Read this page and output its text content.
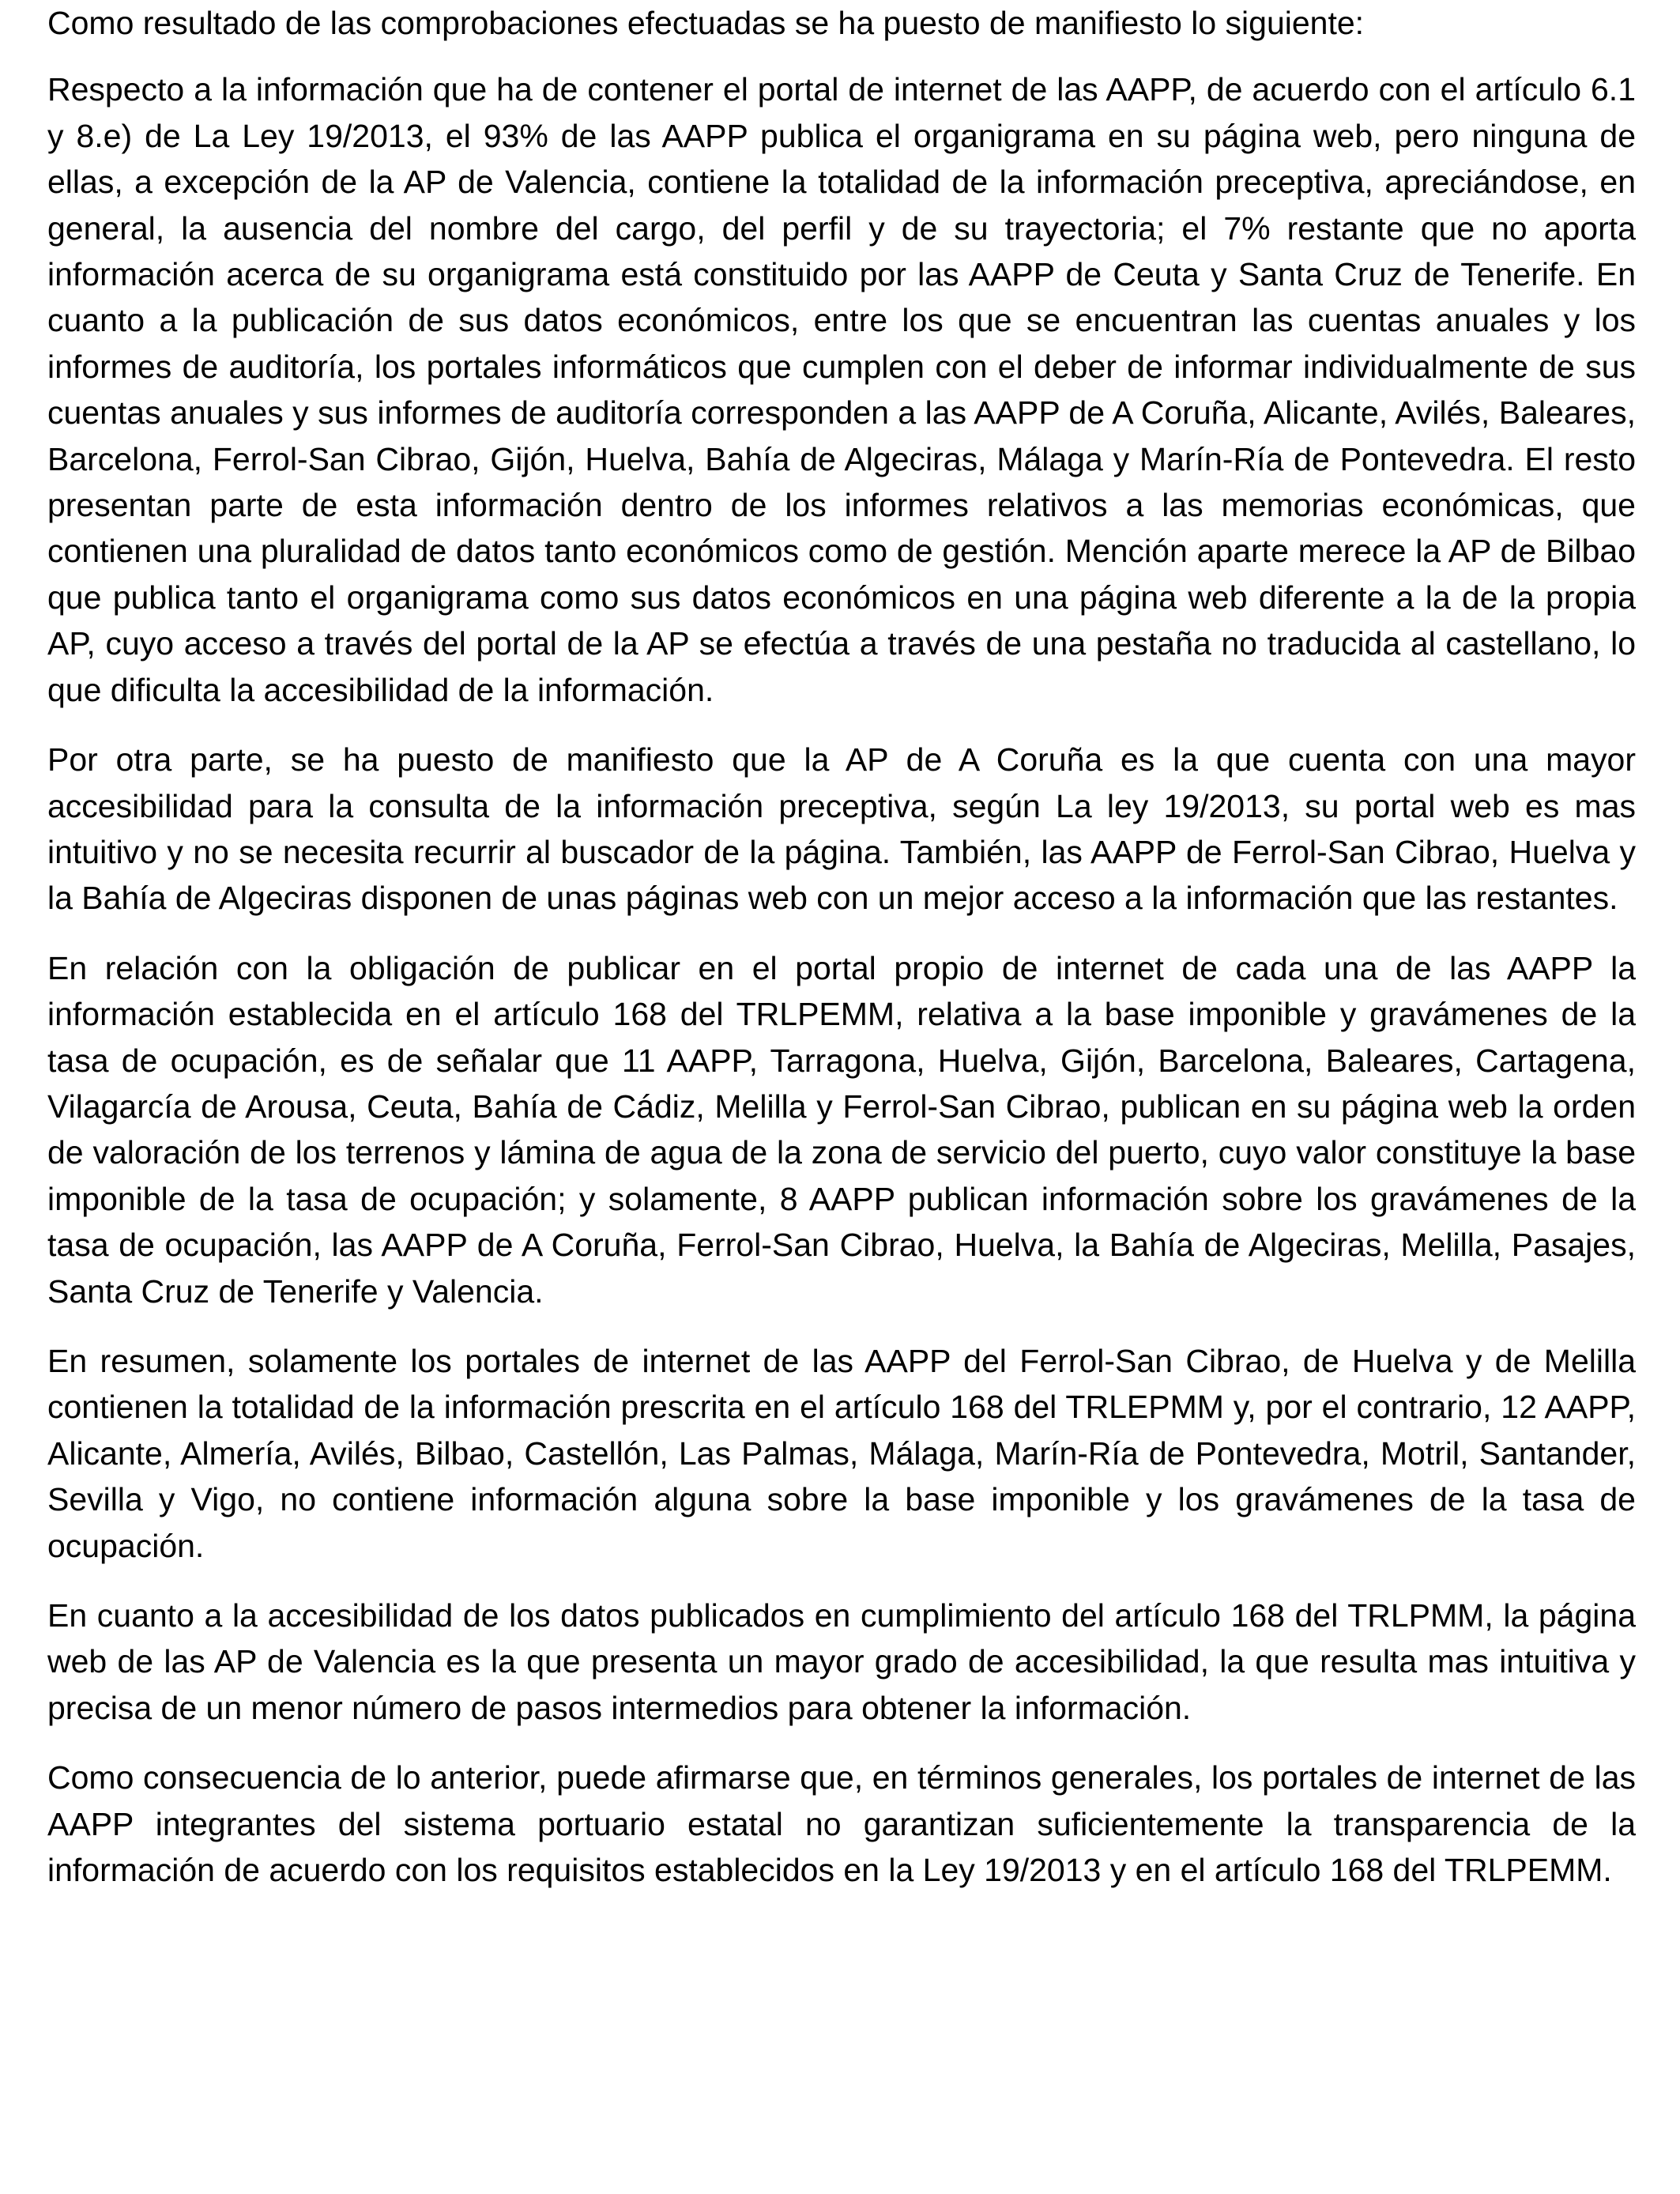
Como resultado de las comprobaciones efectuadas se ha puesto de manifiesto lo siguiente:

Respecto a la información que ha de contener el portal de internet de las AAPP, de acuerdo con el artículo 6.1 y 8.e) de La Ley 19/2013, el 93% de las AAPP publica el organigrama en su página web, pero ninguna de ellas, a excepción de la AP de Valencia, contiene la totalidad de la información preceptiva, apreciándose, en general, la ausencia del nombre del cargo, del perfil y de su trayectoria; el 7% restante que no aporta información acerca de su organigrama está constituido por las AAPP de Ceuta y Santa Cruz de Tenerife. En cuanto a la publicación de sus datos económicos, entre los que se encuentran las cuentas anuales y los informes de auditoría, los portales informáticos que cumplen con el deber de informar individualmente de sus cuentas anuales y sus informes de auditoría corresponden a las AAPP de A Coruña, Alicante, Avilés, Baleares, Barcelona, Ferrol-San Cibrao, Gijón, Huelva, Bahía de Algeciras, Málaga y Marín-Ría de Pontevedra. El resto presentan parte de esta información dentro de los informes relativos a las memorias económicas, que contienen una pluralidad de datos tanto económicos como de gestión. Mención aparte merece la AP de Bilbao que publica tanto el organigrama como sus datos económicos en una página web diferente a la de la propia AP, cuyo acceso a través del portal de la AP se efectúa a través de una pestaña no traducida al castellano, lo que dificulta la accesibilidad de la información.

Por otra parte, se ha puesto de manifiesto que la AP de A Coruña es la que cuenta con una mayor accesibilidad para la consulta de la información preceptiva, según La ley 19/2013, su portal web es mas intuitivo y no se necesita recurrir al buscador de la página. También, las AAPP de Ferrol-San Cibrao, Huelva y la Bahía de Algeciras disponen de unas páginas web con un mejor acceso a la información que las restantes.

En relación con la obligación de publicar en el portal propio de internet de cada una de las AAPP la información establecida en el artículo 168 del TRLPEMM, relativa a la base imponible y gravámenes de la tasa de ocupación, es de señalar que 11 AAPP, Tarragona, Huelva, Gijón, Barcelona, Baleares, Cartagena, Vilagarcía de Arousa, Ceuta, Bahía de Cádiz, Melilla y Ferrol-San Cibrao, publican en su página web la orden de valoración de los terrenos y lámina de agua de la zona de servicio del puerto, cuyo valor constituye la base imponible de la tasa de ocupación; y solamente, 8 AAPP publican información sobre los gravámenes de la tasa de ocupación, las AAPP de A Coruña, Ferrol-San Cibrao, Huelva, la Bahía de Algeciras, Melilla, Pasajes, Santa Cruz de Tenerife y Valencia.

En resumen, solamente los portales de internet de las AAPP del Ferrol-San Cibrao, de Huelva y de Melilla contienen la totalidad de la información prescrita en el artículo 168 del TRLEPMM y, por el contrario, 12 AAPP, Alicante, Almería, Avilés, Bilbao, Castellón, Las Palmas, Málaga, Marín-Ría de Pontevedra, Motril, Santander, Sevilla y Vigo, no contiene información alguna sobre la base imponible y los gravámenes de la tasa de ocupación.

En cuanto a la accesibilidad de los datos publicados en cumplimiento del artículo 168 del TRLPMM, la página web de las AP de Valencia es la que presenta un mayor grado de accesibilidad, la que resulta mas intuitiva y precisa de un menor número de pasos intermedios para obtener la información.

Como consecuencia de lo anterior, puede afirmarse que, en términos generales, los portales de internet de las AAPP integrantes del sistema portuario estatal no garantizan suficientemente la transparencia de la información de acuerdo con los requisitos establecidos en la Ley 19/2013 y en el artículo 168 del TRLPEMM.
